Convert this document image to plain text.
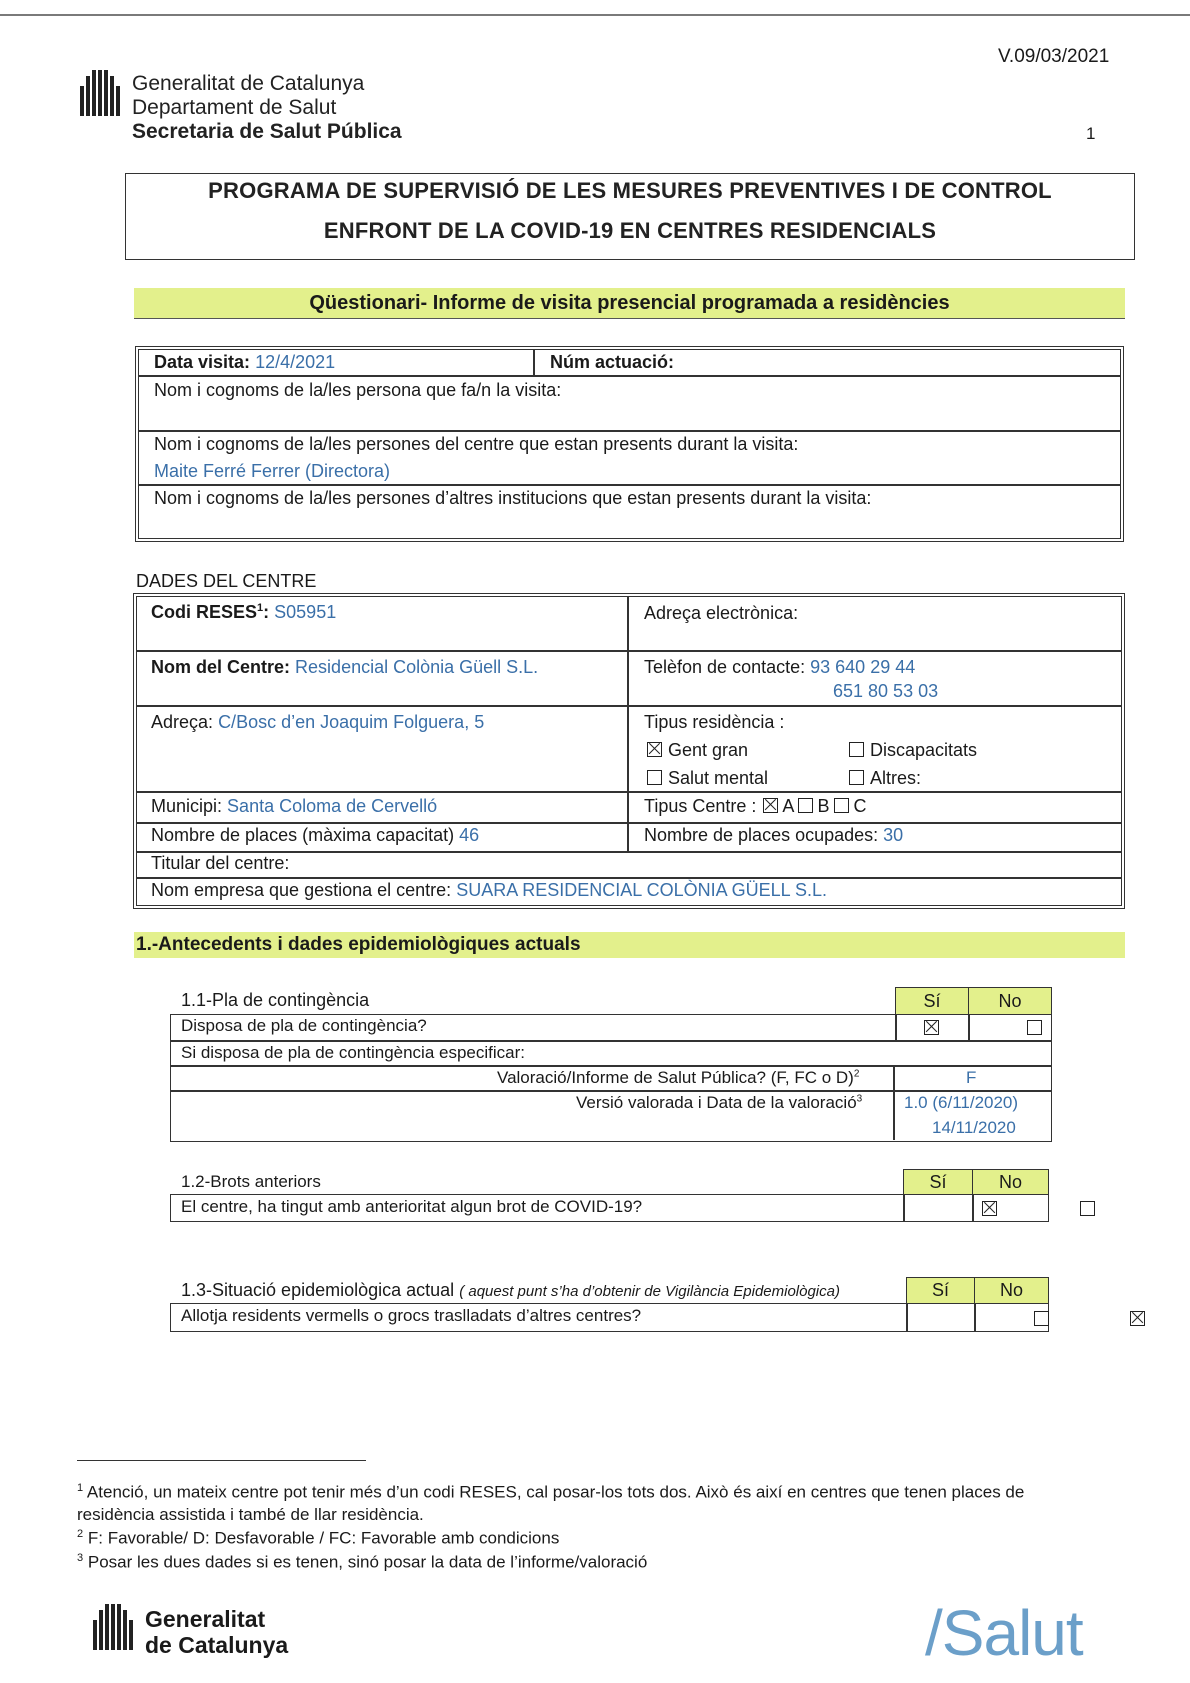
V.09/03/2021
1
Generalitat de Catalunya
Departament de Salut
Secretaria de Salut Pública
PROGRAMA DE SUPERVISIÓ DE LES MESURES PREVENTIVES I DE CONTROL
ENFRONT DE LA COVID-19 EN CENTRES RESIDENCIALS
Qüestionari- Informe de visita presencial programada a residències
Data visita: 12/4/2021	Núm actuació:
Nom i cognoms de la/les persona que fa/n la visita:
Nom i cognoms de la/les persones del centre que estan presents durant la visita:
Maite Ferré Ferrer (Directora)
Nom i cognoms de la/les persones d’altres institucions que estan presents durant la visita:
DADES DEL CENTRE
Codi RESES$^1$: S05951	Adreça electrònica:
Nom del Centre: Residencial Colònia Güell S.L.	Telèfon de contacte: 93 640 29 44
651 80 53 03
Adreça: C/Bosc d’en Joaquim Folguera, 5	Tipus residència :
Gent gran	Discapacitats
Salut mental	Altres:
Municipi: Santa Coloma de Cervelló	Tipus Centre : A B C
Nombre de places (màxima capacitat) 46	Nombre de places ocupades: 30
Titular del centre:
Nom empresa que gestiona el centre: SUARA RESIDENCIAL COLÒNIA GÜELL S.L.
1.-Antecedents i dades epidemiològiques actuals
1.1-Pla de contingència	Sí	No
Disposa de pla de contingència?

Si disposa de pla de contingència especificar:
Valoració/Informe de Salut Pública? (F, FC o D)$^2$	F
Versió valorada i Data de la valoració$^3$ 1.0 (6/11/2020)
14/11/2020
1.2-Brots anteriors	Sí	No
El centre, ha tingut amb anterioritat algun brot de COVID-19?

1.3-Situació epidemiològica actual ( aquest punt s’ha d’obtenir de Vigilància Epidemiològica)	Sí	No
Allotja residents vermells o grocs traslladats d’altres centres?

$^1$ Atenció, un mateix centre pot tenir més d’un codi RESES, cal posar-los tots dos. Això és així en centres que tenen places de
residència assistida i també de llar residència.
$^2$ F: Favorable/ D: Desfavorable / FC: Favorable amb condicions
$^3$ Posar les dues dades si es tenen, sinó posar la data de l’informe/valoració
Generalitat
de Catalunya	/Salut
